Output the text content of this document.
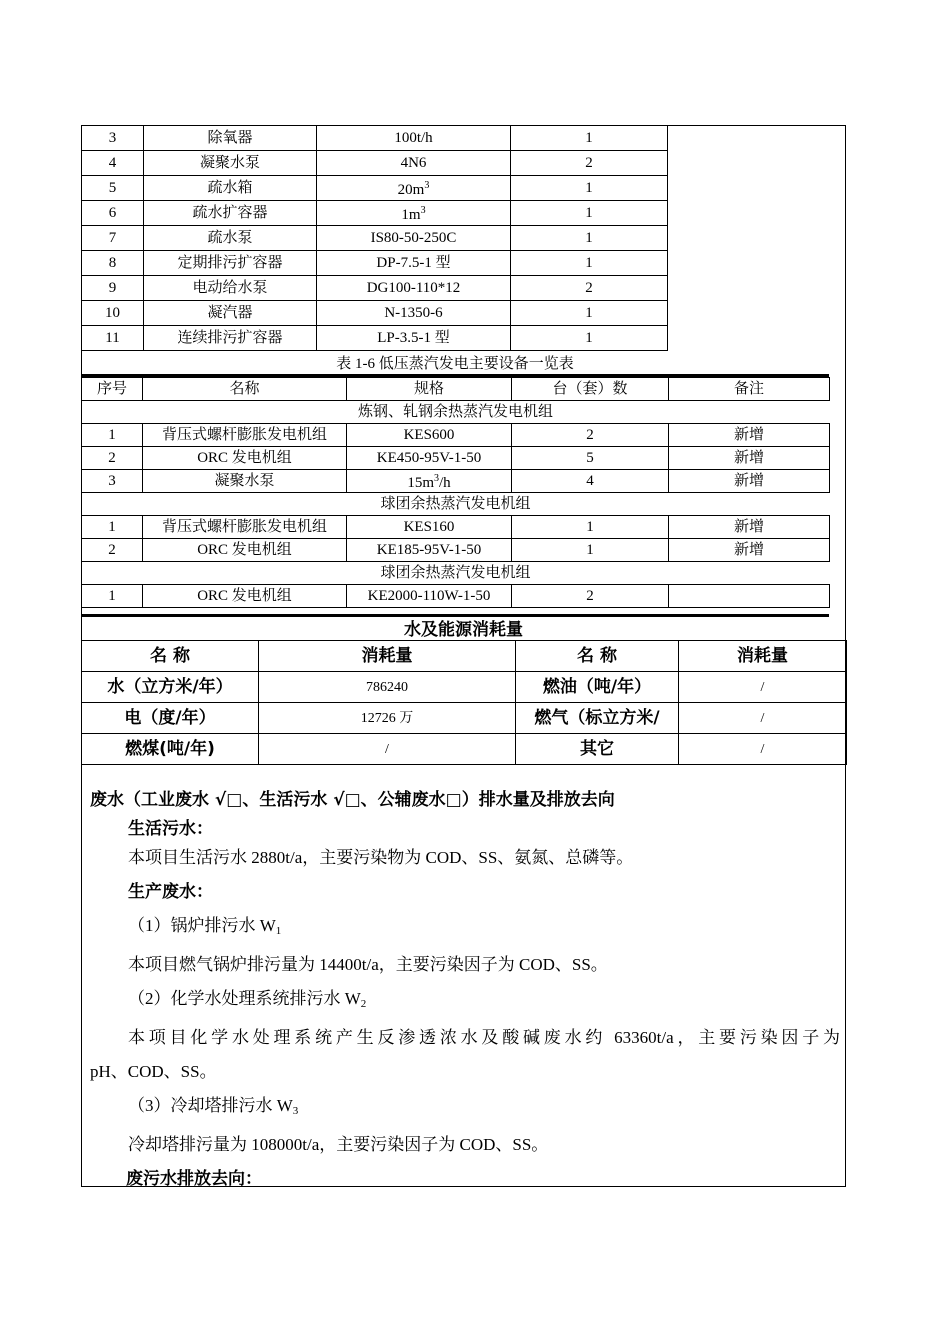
3	除氧器	100t/h	1
4	凝聚水泵	4N6	2
5	疏水箱	$20m^3$	1
6	疏水扩容器	$1m^3$	1
7	疏水泵	IS80-50-250C	1
8	定期排污扩容器	DP-7.5-1 型	1
9	电动给水泵	DG100-110*12	2
10	凝汽器	N-1350-6	1
11	连续排污扩容器	LP-3.5-1 型	1
表 1-6 低压蒸汽发电主要设备一览表
序号	名称	规格	台（套）数	备注
炼钢、轧钢余热蒸汽发电机组				
1	背压式螺杆膨胀发电机组	KES600	2	新增
2	ORC 发电机组	KE450-95V-1-50	5	新增
3	凝聚水泵	$15m^3/h$	4	新增
球团余热蒸汽发电机组				
1	背压式螺杆膨胀发电机组	KES160	1	新增
2	ORC 发电机组	KE185-95V-1-50	1	新增
球团余热蒸汽发电机组				
1	ORC 发电机组	KE2000-110W-1-50	2	
水及能源消耗量
名 称	消耗量	名 称	消耗量
水（立方米/年）	786240	燃油（吨/年）	/
电（度/年）	12726 万	燃气（标立方米/	/
燃煤(吨/年)	/	其它	/

废水（工业废水 √□、生活污水 √□、公辅废水□）排水量及排放去向

生活污水：

本项目生活污水 2880t/a，主要污染物为 COD、SS、氨氮、总磷等。

生产废水：

（1）锅炉排污水 $W_1$

本项目燃气锅炉排污量为 14400t/a，主要污染因子为 COD、SS。

（2）化学水处理系统排污水 $W_2$

本项目化学水处理系统产生反渗透浓水及酸碱废水约 63360t/a，主要污染因子为

pH、COD、SS。

（3）冷却塔排污水 $W_3$

冷却塔排污量为 108000t/a，主要污染因子为 COD、SS。

废污水排放去向：
